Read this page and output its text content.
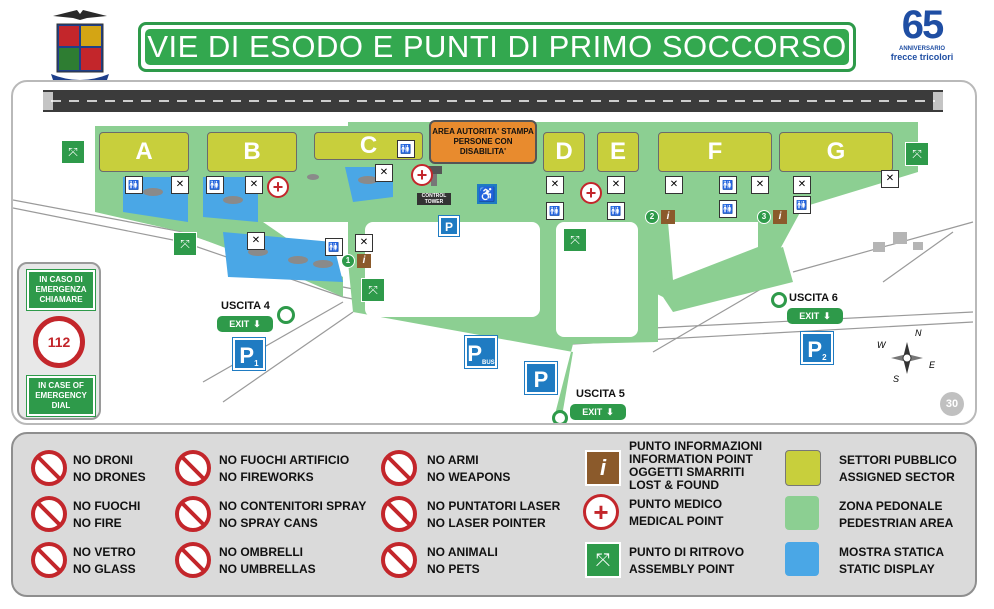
VIE DI ESODO E PUNTI DI PRIMO SOCCORSO	65
ANNIVERSARIO
frecce tricolori
A	B	C	D E	F	G
AREA AUTORITA' STAMPA PERSONE CON DISABILITA'
CONTROL TOWER
+
+
+
⤧
⤧
⤧
⤧
⤧
🚻	✕	🚻	✕
🚻
✕
✕
🚻	✕
✕
🚻
✕
🚻
✕	🚻	✕
🚻
✕
🚻
✕
♿
1	i
2	i	3	i
IN CASO DI EMERGENZA CHIAMARE
112
IN CASE OF EMERGENCY DIAL
USCITA 4
EXIT ⬇
USCITA 5
EXIT ⬇
USCITA 6
EXIT ⬇
P 1	P BUS
P
P 2
P
N
E
S
W
30
NO DRONI
NO DRONES
NO FUOCHI
NO FIRE
NO VETRO
NO GLASS
NO FUOCHI ARTIFICIO
NO FIREWORKS
NO CONTENITORI SPRAY
NO SPRAY CANS
NO OMBRELLI
NO UMBRELLAS
NO ARMI
NO WEAPONS
NO PUNTATORI LASER
NO LASER POINTER
NO ANIMALI
NO PETS
i
PUNTO INFORMAZIONI
INFORMATION POINT
OGGETTI SMARRITI
LOST & FOUND
+	PUNTO MEDICO
MEDICAL POINT
⤧	PUNTO DI RITROVO
ASSEMBLY POINT
SETTORI PUBBLICO
ASSIGNED SECTOR
ZONA PEDONALE
PEDESTRIAN AREA
MOSTRA STATICA
STATIC DISPLAY
